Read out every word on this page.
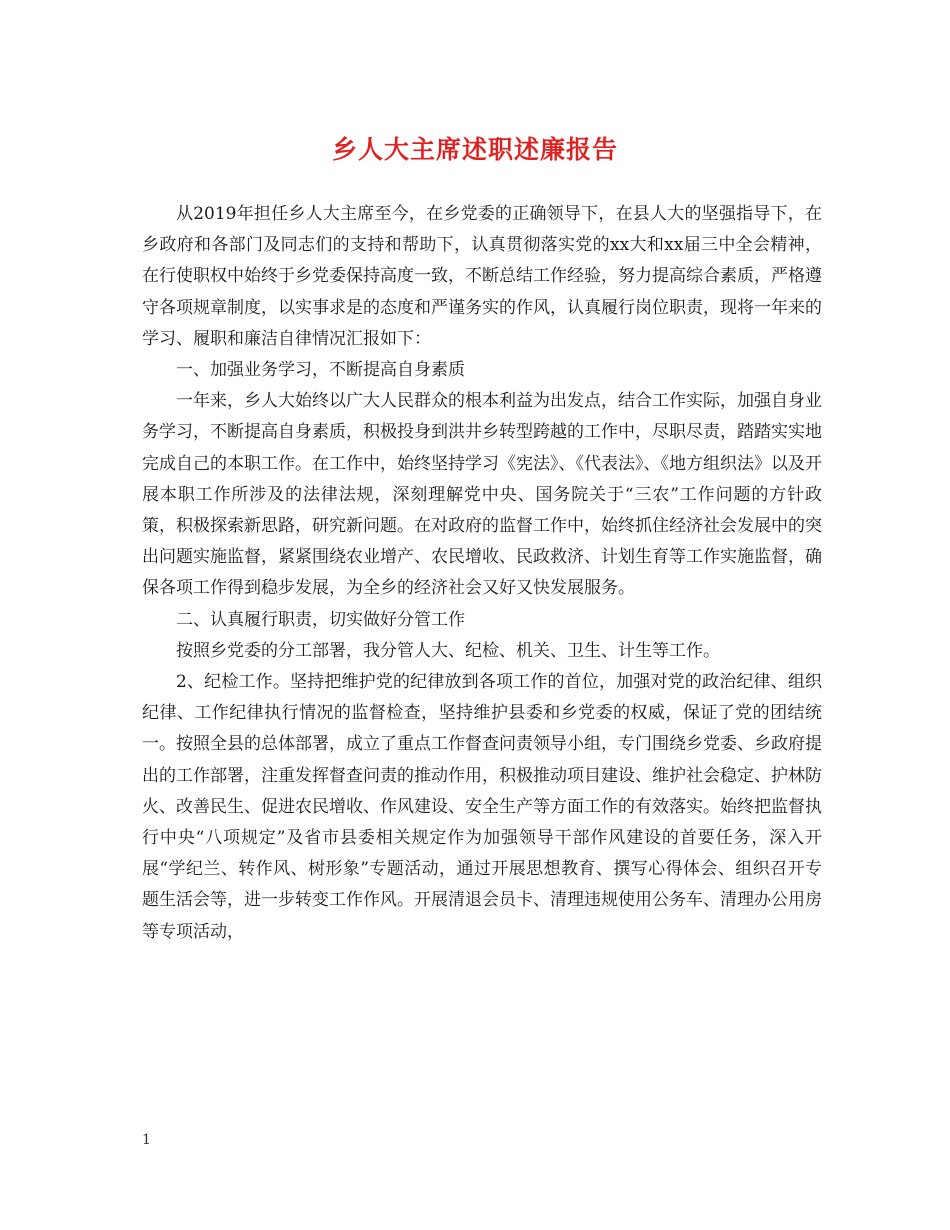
乡人大主席述职述廉报告

从2019年担任乡人大主席至今，在乡党委的正确领导下，在县人大的坚强指导下，在乡政府和各部门及同志们的支持和帮助下，认真贯彻落实党的xx大和xx届三中全会精神，在行使职权中始终于乡党委保持高度一致，不断总结工作经验，努力提高综合素质，严格遵守各项规章制度，以实事求是的态度和严谨务实的作风，认真履行岗位职责，现将一年来的学习、履职和廉洁自律情况汇报如下：

一、加强业务学习，不断提高自身素质

一年来，乡人大始终以广大人民群众的根本利益为出发点，结合工作实际，加强自身业务学习，不断提高自身素质，积极投身到洪井乡转型跨越的工作中，尽职尽责，踏踏实实地完成自己的本职工作。在工作中，始终坚持学习《宪法》、《代表法》、《地方组织法》以及开展本职工作所涉及的法律法规，深刻理解党中央、国务院关于“三农”工作问题的方针政策，积极探索新思路，研究新问题。在对政府的监督工作中，始终抓住经济社会发展中的突出问题实施监督，紧紧围绕农业增产、农民增收、民政救济、计划生育等工作实施监督，确保各项工作得到稳步发展，为全乡的经济社会又好又快发展服务。

二、认真履行职责，切实做好分管工作

按照乡党委的分工部署，我分管人大、纪检、机关、卫生、计生等工作。

2、纪检工作。坚持把维护党的纪律放到各项工作的首位，加强对党的政治纪律、组织纪律、工作纪律执行情况的监督检查，坚持维护县委和乡党委的权威，保证了党的团结统一。按照全县的总体部署，成立了重点工作督查问责领导小组，专门围绕乡党委、乡政府提出的工作部署，注重发挥督查问责的推动作用，积极推动项目建设、维护社会稳定、护林防火、改善民生、促进农民增收、作风建设、安全生产等方面工作的有效落实。始终把监督执行中央“八项规定”及省市县委相关规定作为加强领导干部作风建设的首要任务，深入开展“学纪兰、转作风、树形象”专题活动，通过开展思想教育、撰写心得体会、组织召开专题生活会等，进一步转变工作作风。开展清退会员卡、清理违规使用公务车、清理办公用房等专项活动，

1
